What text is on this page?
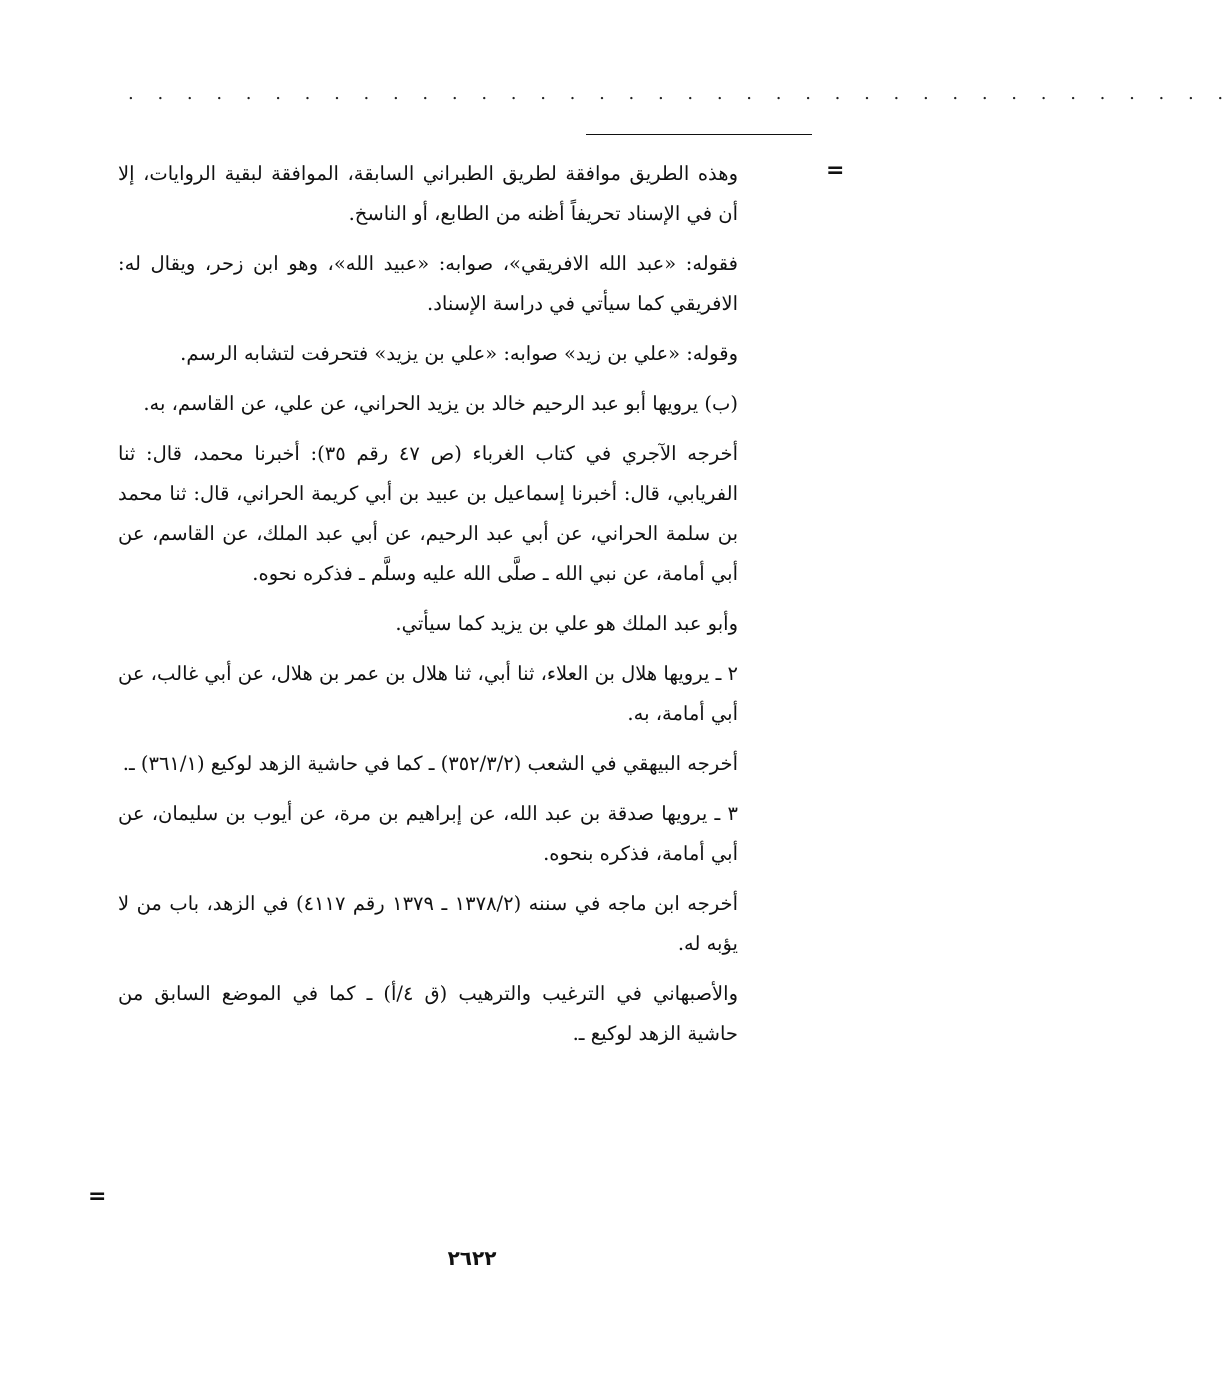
. . . . . . . . . . . . . . . . . . . . . . . . . . . . . . . . . . . . . .
=

وهذه الطريق موافقة لطريق الطبراني السابقة، الموافقة لبقية الروايات، إلا أن في الإسناد تحريفاً أظنه من الطابع، أو الناسخ.

فقوله: «عبد الله الافريقي»، صوابه: «عبيد الله»، وهو ابن زحر، ويقال له: الافريقي كما سيأتي في دراسة الإسناد.

وقوله: «علي بن زيد» صوابه: «علي بن يزيد» فتحرفت لتشابه الرسم.

(ب) يرويها أبو عبد الرحيم خالد بن يزيد الحراني، عن علي، عن القاسم، به.

أخرجه الآجري في كتاب الغرباء (ص ٤٧ رقم ٣٥): أخبرنا محمد، قال: ثنا الفريابي، قال: أخبرنا إسماعيل بن عبيد بن أبي كريمة الحراني، قال: ثنا محمد بن سلمة الحراني، عن أبي عبد الرحيم، عن أبي عبد الملك، عن القاسم، عن أبي أمامة، عن نبي الله ـ صلَّى الله عليه وسلَّم ـ فذكره نحوه.

وأبو عبد الملك هو علي بن يزيد كما سيأتي.

٢ ـ يرويها هلال بن العلاء، ثنا أبي، ثنا هلال بن عمر بن هلال، عن أبي غالب، عن أبي أمامة، به.

أخرجه البيهقي في الشعب (٣٥٢/٣/٢) ـ كما في حاشية الزهد لوكيع (٣٦١/١) ـ.

٣ ـ يرويها صدقة بن عبد الله، عن إبراهيم بن مرة، عن أيوب بن سليمان، عن أبي أمامة، فذكره بنحوه.

أخرجه ابن ماجه في سننه (١٣٧٨/٢ ـ ١٣٧٩ رقم ٤١١٧) في الزهد، باب من لا يؤبه له.

والأصبهاني في الترغيب والترهيب (ق ٤/أ) ـ كما في الموضع السابق من حاشية الزهد لوكيع ـ.

=
٢٦٢٢
